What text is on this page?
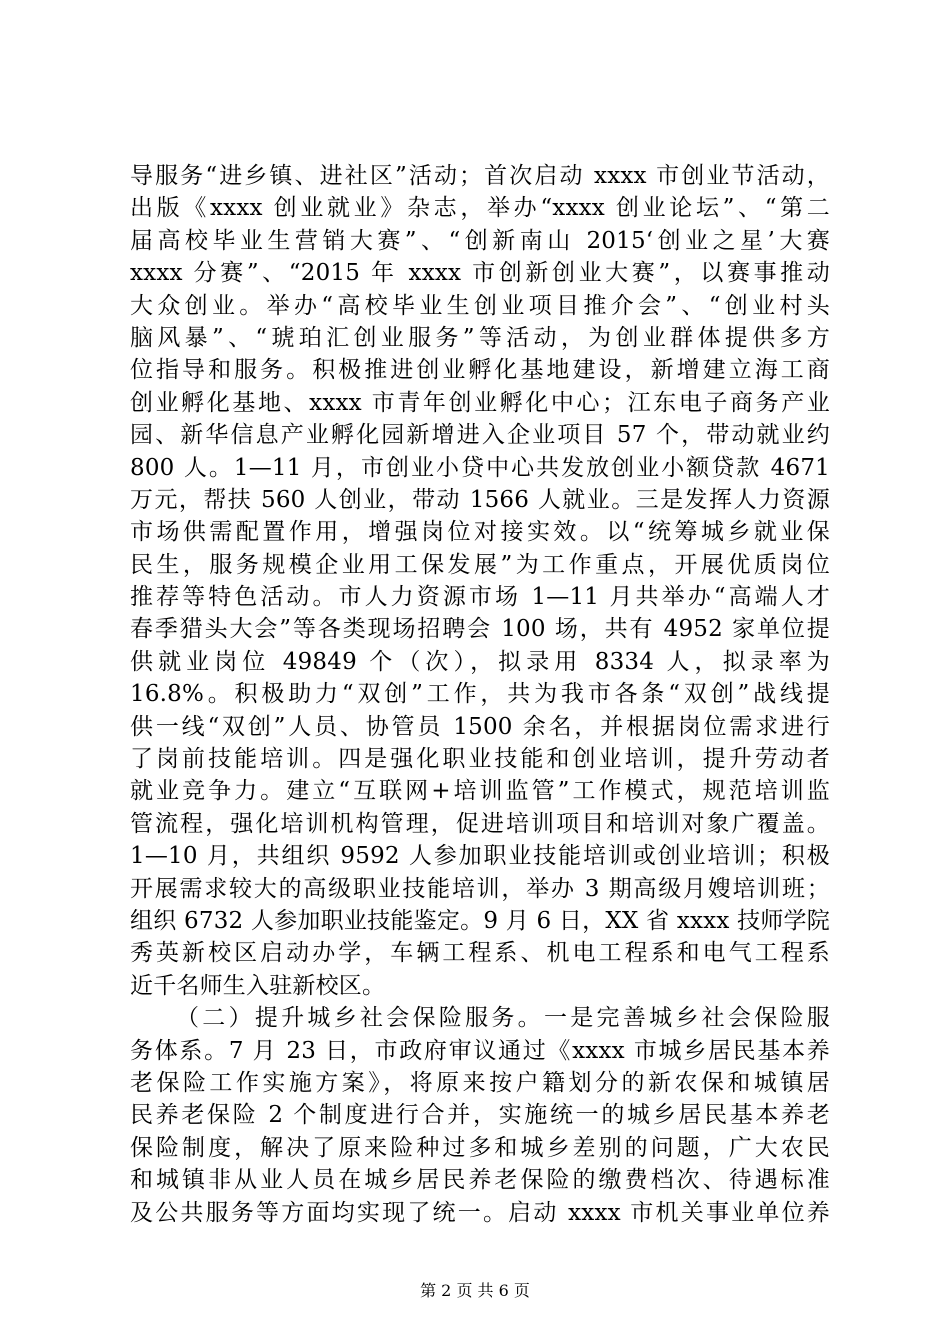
导服务“进乡镇、进社区”活动；首次启动 xxxx 市创业节活动，
出版《xxxx 创业就业》杂志，举办“xxxx 创业论坛”、“第二
届高校毕业生营销大赛”、“创新南山 2015‘创业之星’大赛
xxxx 分赛”、“2015 年 xxxx 市创新创业大赛”，以赛事推动
大众创业。举办“高校毕业生创业项目推介会”、“创业村头
脑风暴”、“琥珀汇创业服务”等活动，为创业群体提供多方
位指导和服务。积极推进创业孵化基地建设，新增建立海工商
创业孵化基地、xxxx 市青年创业孵化中心；江东电子商务产业
园、新华信息产业孵化园新增进入企业项目 57 个，带动就业约
800 人。1—11 月，市创业小贷中心共发放创业小额贷款 4671
万元，帮扶 560 人创业，带动 1566 人就业。三是发挥人力资源
市场供需配置作用，增强岗位对接实效。以“统筹城乡就业保
民生，服务规模企业用工保发展”为工作重点，开展优质岗位
推荐等特色活动。市人力资源市场 1—11 月共举办“高端人才
春季猎头大会”等各类现场招聘会 100 场，共有 4952 家单位提
供就业岗位 49849 个（次），拟录用 8334 人，拟录率为
16.8%。积极助力“双创”工作，共为我市各条“双创”战线提
供一线“双创”人员、协管员 1500 余名，并根据岗位需求进行
了岗前技能培训。四是强化职业技能和创业培训，提升劳动者
就业竞争力。建立“互联网+培训监管”工作模式，规范培训监
管流程，强化培训机构管理，促进培训项目和培训对象广覆盖。
1—10 月，共组织 9592 人参加职业技能培训或创业培训；积极
开展需求较大的高级职业技能培训，举办 3 期高级月嫂培训班；
组织 6732 人参加职业技能鉴定。9 月 6 日，XX 省 xxxx 技师学院
秀英新校区启动办学，车辆工程系、机电工程系和电气工程系
近千名师生入驻新校区。
（二）提升城乡社会保险服务。一是完善城乡社会保险服
务体系。7 月 23 日，市政府审议通过《xxxx 市城乡居民基本养
老保险工作实施方案》，将原来按户籍划分的新农保和城镇居
民养老保险 2 个制度进行合并，实施统一的城乡居民基本养老
保险制度，解决了原来险种过多和城乡差别的问题，广大农民
和城镇非从业人员在城乡居民养老保险的缴费档次、待遇标准
及公共服务等方面均实现了统一。启动 xxxx 市机关事业单位养
第 2 页 共 6 页
